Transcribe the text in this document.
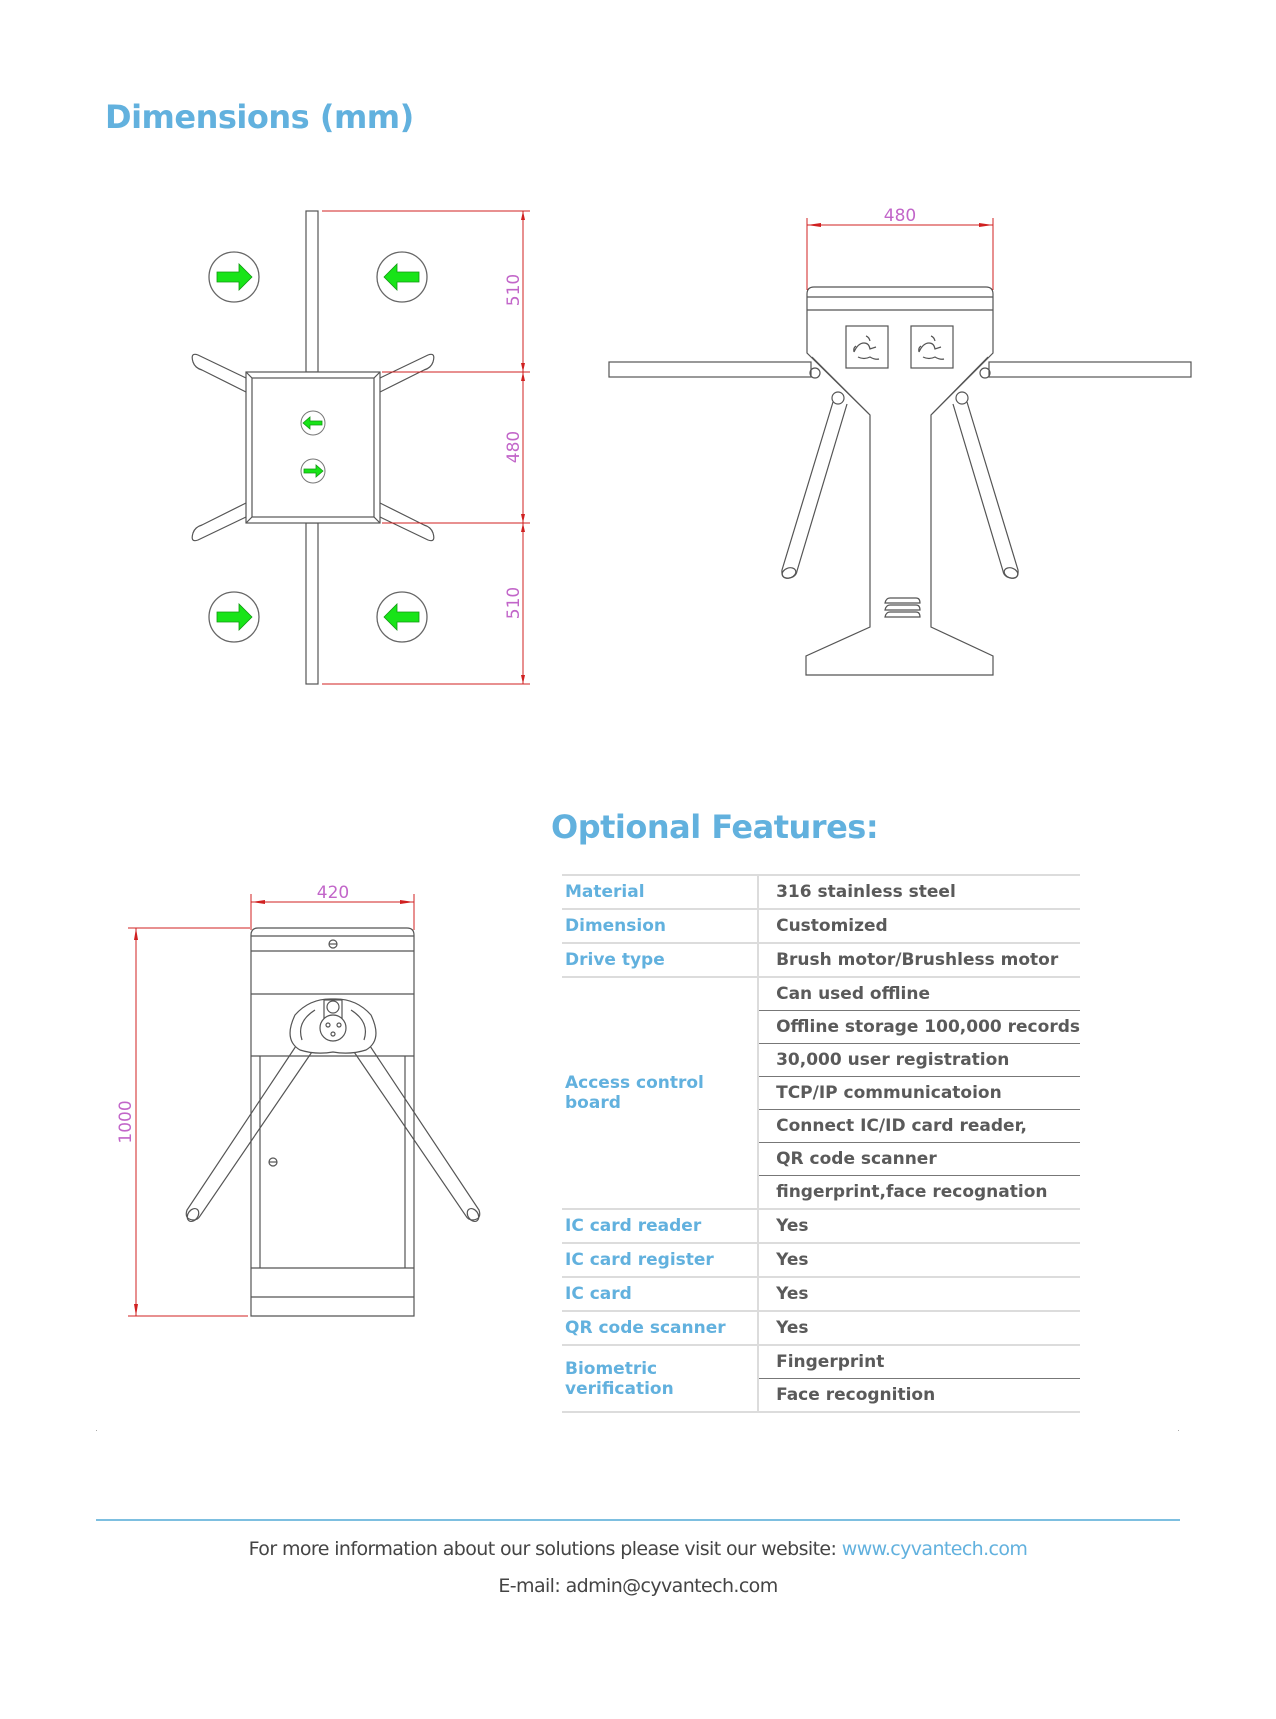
Dimensions (mm)
510
480
510
480
420
1000
Optional Features:
Material	316 stainless steel
Dimension	Customized
Drive type	Brush motor/Brushless motor
Access control board	Can used offline
	Offline storage 100,000 records
	30,000 user registration
	TCP/IP communicatoion
	Connect IC/ID card reader,
	QR code scanner
	fingerprint,face recognation
IC card reader	Yes
IC card register	Yes
IC card	Yes
QR code scanner	Yes
Biometric verification	Fingerprint
	Face recognition
For more information about our solutions please visit our website: www.cyvantech.com
E-mail: admin@cyvantech.com
